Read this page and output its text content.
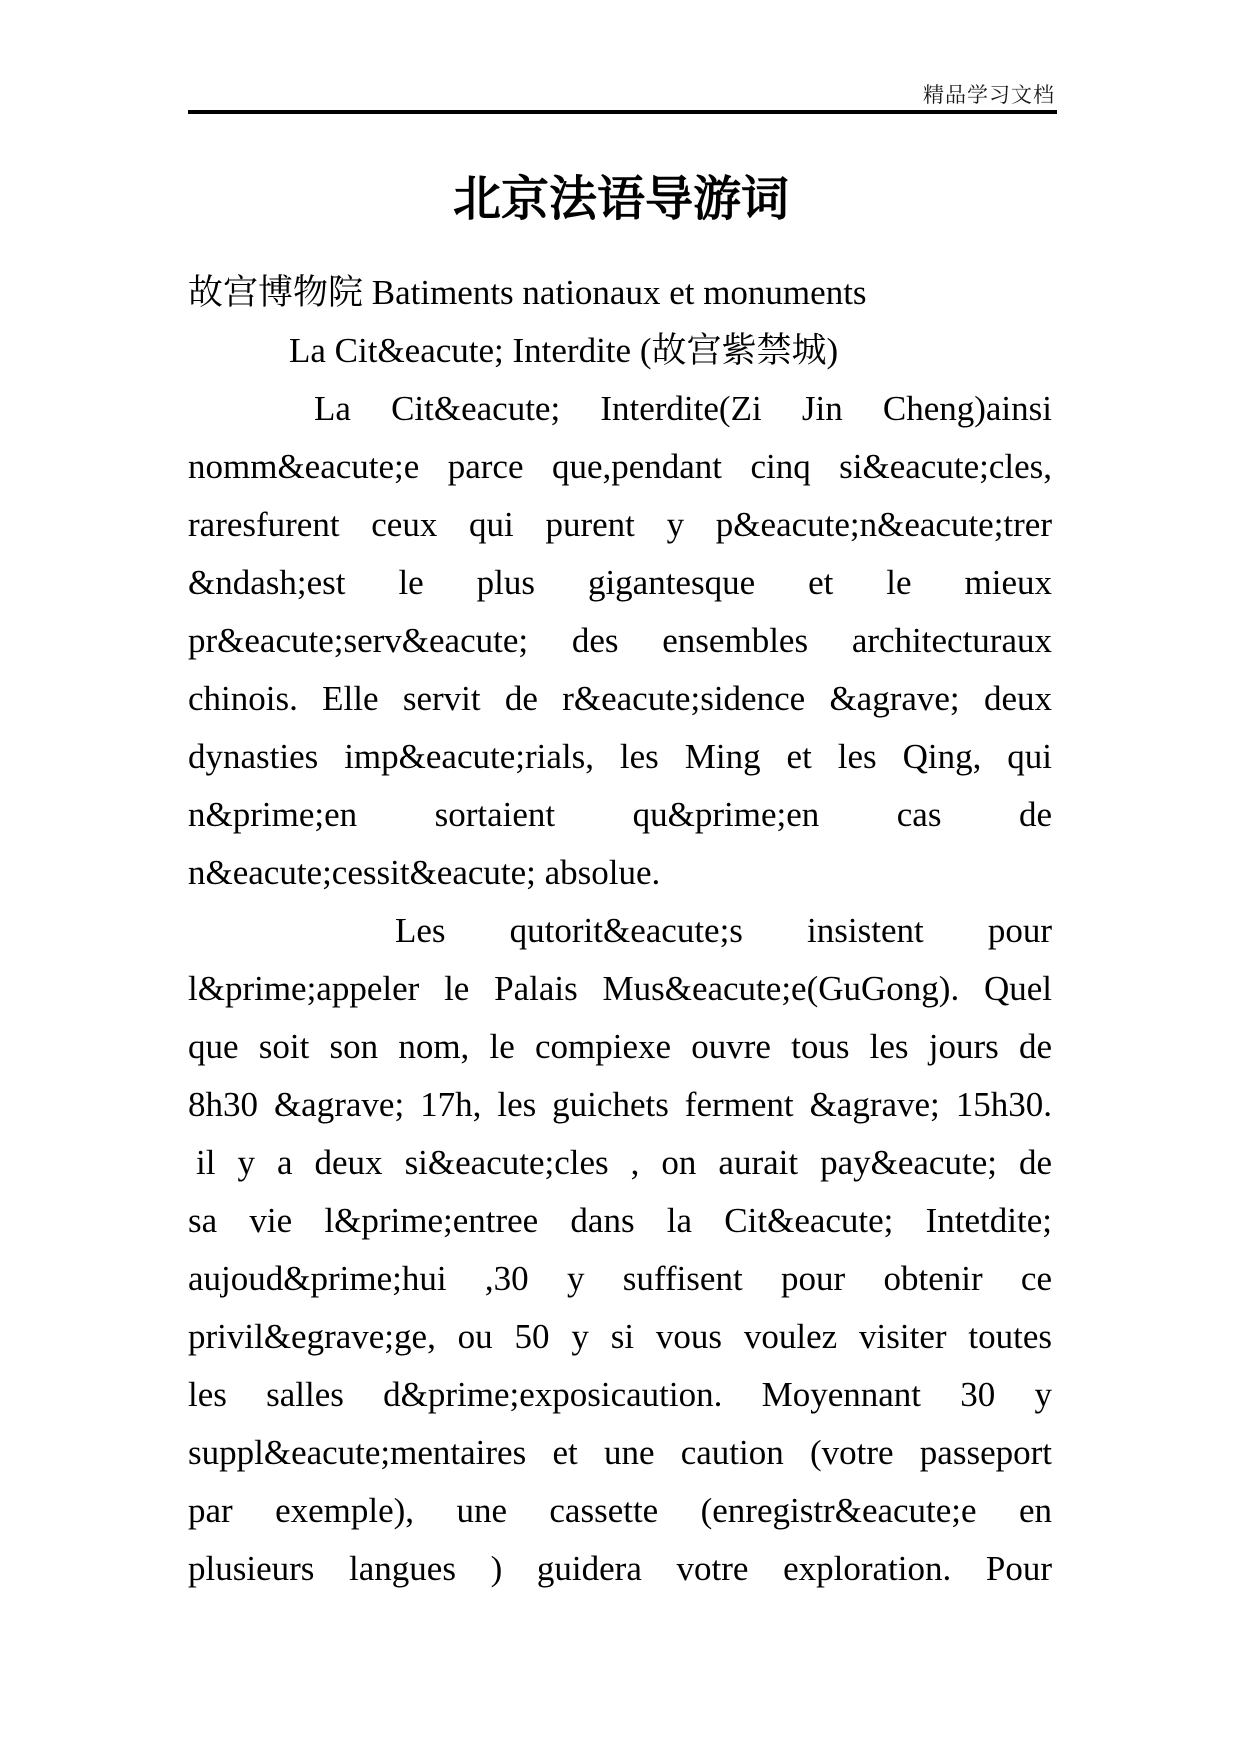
精品学习文档
北京法语导游词
故宫博物院 Batiments nationaux et monuments
La Cit&eacute; Interdite (故宫紫禁城)
La Cit&eacute; Interdite(Zi Jin Cheng)ainsi
nomm&eacute;e parce que,pendant cinq si&eacute;cles,
raresfurent ceux qui purent y p&eacute;n&eacute;trer
&ndash;est le plus gigantesque et le mieux
pr&eacute;serv&eacute; des ensembles architecturaux
chinois. Elle servit de r&eacute;sidence &agrave; deux
dynasties imp&eacute;rials, les Ming et les Qing, qui
n&prime;en sortaient qu&prime;en cas de
n&eacute;cessit&eacute; absolue.
Les qutorit&eacute;s insistent pour
l&prime;appeler le Palais Mus&eacute;e(GuGong). Quel
que soit son nom, le compiexe ouvre tous les jours de
8h30 &agrave; 17h, les guichets ferment &agrave; 15h30.
il y a deux si&eacute;cles , on aurait pay&eacute; de
sa vie l&prime;entree dans la Cit&eacute; Intetdite;
aujoud&prime;hui ,30 y suffisent pour obtenir ce
privil&egrave;ge, ou 50 y si vous voulez visiter toutes
les salles d&prime;exposicaution. Moyennant 30 y
suppl&eacute;mentaires et une caution (votre passeport
par exemple), une cassette (enregistr&eacute;e en
plusieurs langues ) guidera votre exploration. Pour
